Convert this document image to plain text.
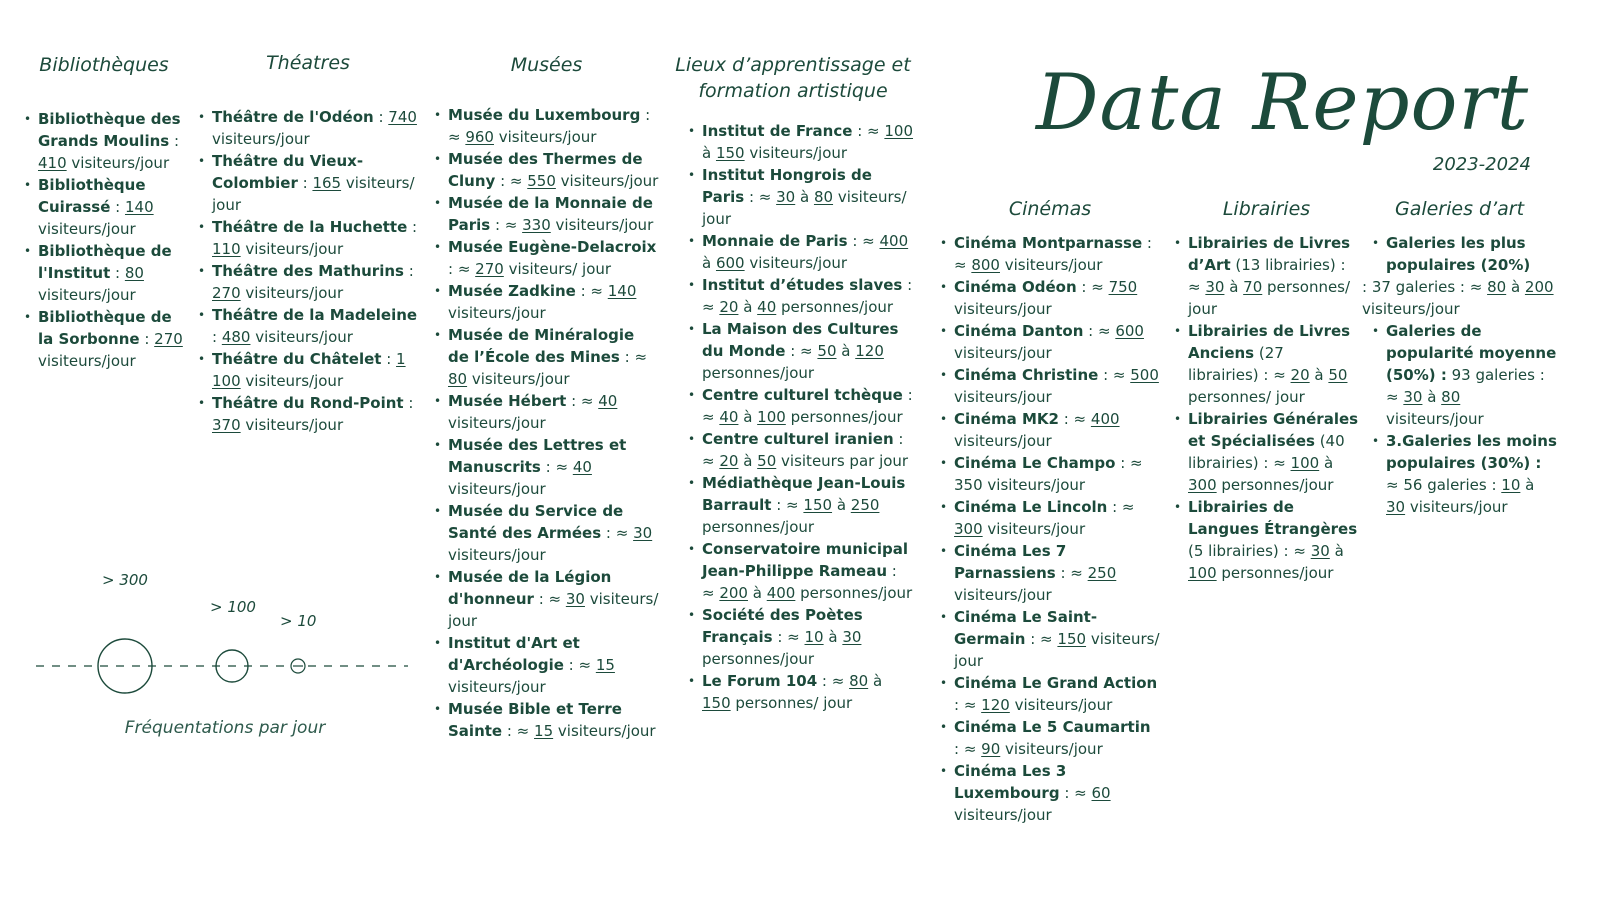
Bibliothèques
• Bibliothèque des Grands Moulins : 410 visiteurs/jour
• Bibliothèque Cuirassé : 140 visiteurs/jour
• Bibliothèque de l'Institut : 80 visiteurs/jour
• Bibliothèque de la Sorbonne : 270 visiteurs/jour
Théatres
• Théâtre de l'Odéon : 740 visiteurs/jour
• Théâtre du Vieux-Colombier : 165 visiteurs/ jour
• Théâtre de la Huchette : 110 visiteurs/jour
• Théâtre des Mathurins : 270 visiteurs/jour
• Théâtre de la Madeleine : 480 visiteurs/jour
• Théâtre du Châtelet : 1 100 visiteurs/jour
• Théâtre du Rond-Point : 370 visiteurs/jour
Musées
• Musée du Luxembourg : ≈ 960 visiteurs/jour
• Musée des Thermes de Cluny : ≈ 550 visiteurs/jour
• Musée de la Monnaie de Paris : ≈ 330 visiteurs/jour
• Musée Eugène-Delacroix : ≈ 270 visiteurs/ jour
• Musée Zadkine : ≈ 140 visiteurs/jour
• Musée de Minéralogie de l’École des Mines : ≈ 80 visiteurs/jour
• Musée Hébert : ≈ 40 visiteurs/jour
• Musée des Lettres et Manuscrits : ≈ 40 visiteurs/jour
• Musée du Service de Santé des Armées : ≈ 30 visiteurs/jour
• Musée de la Légion d'honneur : ≈ 30 visiteurs/ jour
• Institut d'Art et d'Archéologie : ≈ 15 visiteurs/jour
• Musée Bible et Terre Sainte : ≈ 15 visiteurs/jour
Lieux d’apprentissage et formation artistique
• Institut de France : ≈ 100 à 150 visiteurs/jour
• Institut Hongrois de Paris : ≈ 30 à 80 visiteurs/ jour
• Monnaie de Paris : ≈ 400 à 600 visiteurs/jour
• Institut d’études slaves : ≈ 20 à 40 personnes/jour
• La Maison des Cultures du Monde : ≈ 50 à 120 personnes/jour
• Centre culturel tchèque : ≈ 40 à 100 personnes/jour
• Centre culturel iranien : ≈ 20 à 50 visiteurs par jour
• Médiathèque Jean-Louis Barrault : ≈ 150 à 250 personnes/jour
• Conservatoire municipal Jean-Philippe Rameau : ≈ 200 à 400 personnes/jour
• Société des Poètes Français : ≈ 10 à 30 personnes/jour
• Le Forum 104 : ≈ 80 à 150 personnes/ jour
Data Report
2023-2024
Cinémas
• Cinéma Montparnasse : ≈ 800 visiteurs/jour
• Cinéma Odéon : ≈ 750 visiteurs/jour
• Cinéma Danton : ≈ 600 visiteurs/jour
• Cinéma Christine : ≈ 500 visiteurs/jour
• Cinéma MK2 : ≈ 400 visiteurs/jour
• Cinéma Le Champo : ≈ 350 visiteurs/jour
• Cinéma Le Lincoln : ≈ 300 visiteurs/jour
• Cinéma Les 7 Parnassiens : ≈ 250 visiteurs/jour
• Cinéma Le Saint-Germain : ≈ 150 visiteurs/ jour
• Cinéma Le Grand Action : ≈ 120 visiteurs/jour
• Cinéma Le 5 Caumartin : ≈ 90 visiteurs/jour
• Cinéma Les 3 Luxembourg : ≈ 60 visiteurs/jour
Librairies
• Librairies de Livres d’Art (13 librairies) : ≈ 30 à 70 personnes/ jour
• Librairies de Livres Anciens (27 librairies) : ≈ 20 à 50 personnes/ jour
• Librairies Générales et Spécialisées (40 librairies) : ≈ 100 à 300 personnes/jour
• Librairies de Langues Étrangères (5 librairies) : ≈ 30 à 100 personnes/jour
Galeries d’art
• Galeries les plus populaires (20%)
: 37 galeries : ≈ 80 à 200 visiteurs/jour
• Galeries de popularité moyenne (50%) : 93 galeries : ≈ 30 à 80 visiteurs/jour
• 3.Galeries les moins populaires (30%) : ≈ 56 galeries : 10 à 30 visiteurs/jour
> 300
> 100
> 10
Fréquentations par jour
